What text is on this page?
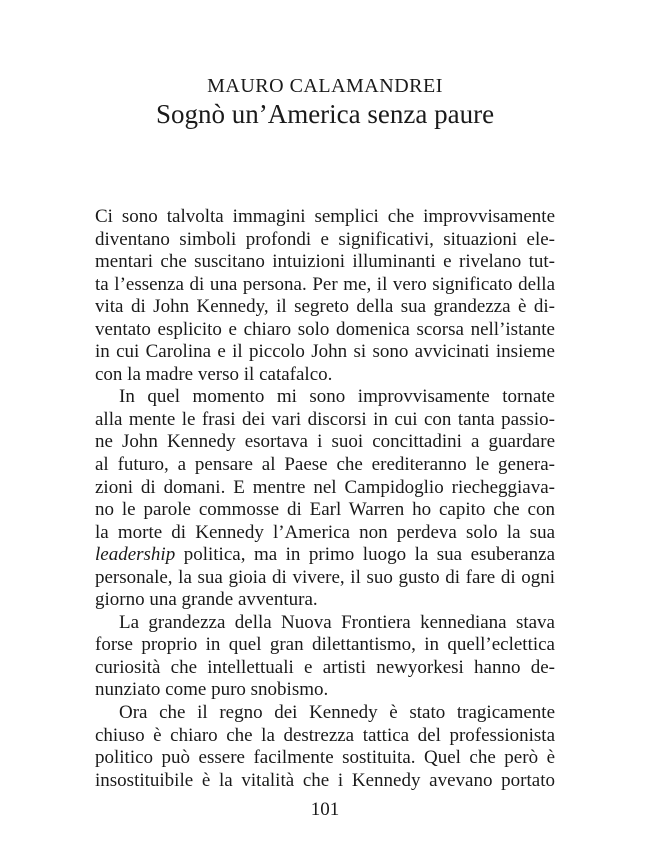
MAURO CALAMANDREI
Sognò un’America senza paure
Ci sono talvolta immagini semplici che improvvisamente
diventano simboli profondi e significativi, situazioni ele-
mentari che suscitano intuizioni illuminanti e rivelano tut-
ta l’essenza di una persona. Per me, il vero significato della
vita di John Kennedy, il segreto della sua grandezza è di-
ventato esplicito e chiaro solo domenica scorsa nell’istante
in cui Carolina e il piccolo John si sono avvicinati insieme
con la madre verso il catafalco.
In quel momento mi sono improvvisamente tornate
alla mente le frasi dei vari discorsi in cui con tanta passio-
ne John Kennedy esortava i suoi concittadini a guardare
al futuro, a pensare al Paese che erediteranno le genera-
zioni di domani. E mentre nel Campidoglio riecheggiava-
no le parole commosse di Earl Warren ho capito che con
la morte di Kennedy l’America non perdeva solo la sua
leadership politica, ma in primo luogo la sua esuberanza
personale, la sua gioia di vivere, il suo gusto di fare di ogni
giorno una grande avventura.
La grandezza della Nuova Frontiera kennediana stava
forse proprio in quel gran dilettantismo, in quell’eclettica
curiosità che intellettuali e artisti newyorkesi hanno de-
nunziato come puro snobismo.
Ora che il regno dei Kennedy è stato tragicamente
chiuso è chiaro che la destrezza tattica del professionista
politico può essere facilmente sostituita. Quel che però è
insostituibile è la vitalità che i Kennedy avevano portato
101
